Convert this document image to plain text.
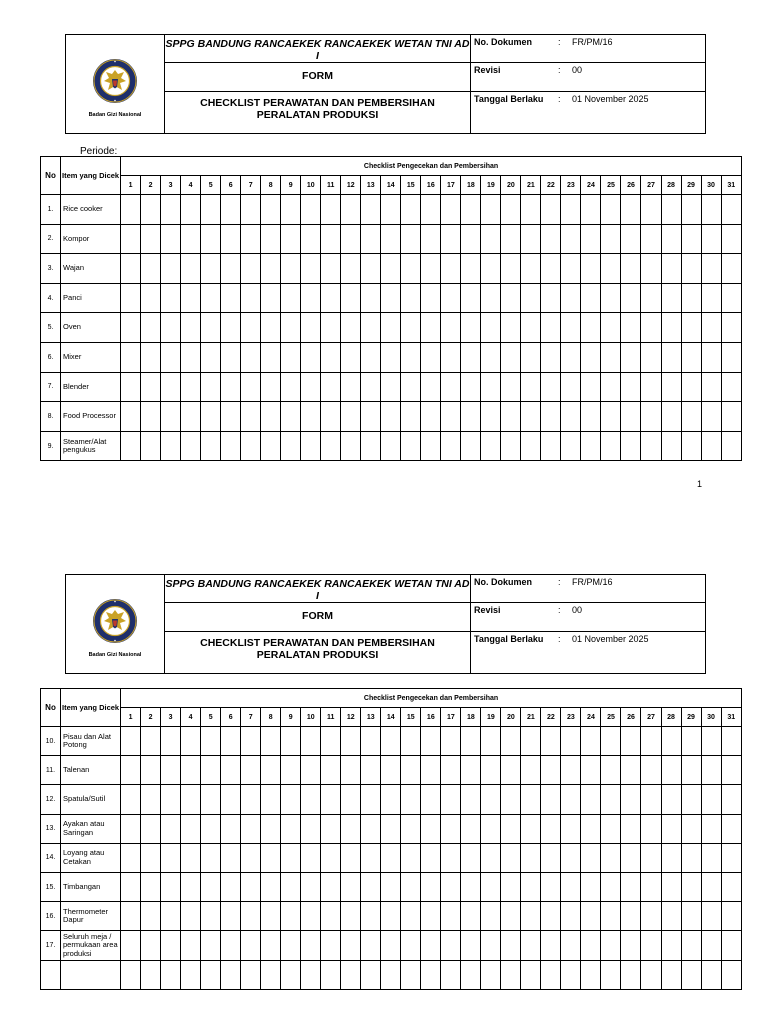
Badan Gizi Nasional	SPPG BANDUNG RANCAEKEK RANCAEKEK WETAN TNI AD I	No. Dokumen : FR/PM/16

	FORM	Revisi : 00

	CHECKLIST PERAWATAN DAN PEMBERSIHAN PERALATAN PRODUKSI	Tanggal Berlaku : 01 November 2025
Periode:
No	Item yang Dicek	Checklist Pengecekan dan Pembersihan																														
		1	2	3	4	5	6	7	8	9	10	11	12	13	14	15	16	17	18	19	20	21	22	23	24	25	26	27	28	29	30	31
1.	Rice cooker																															
2.	Kompor																															
3.	Wajan																															
4.	Panci																															
5.	Oven																															
6.	Mixer																															
7.	Blender																															
8.	Food Processor																															
9.	Steamer/Alat pengukus																															
1
Badan Gizi Nasional	SPPG BANDUNG RANCAEKEK RANCAEKEK WETAN TNI AD I	No. Dokumen : FR/PM/16

	FORM	Revisi : 00

	CHECKLIST PERAWATAN DAN PEMBERSIHAN PERALATAN PRODUKSI	Tanggal Berlaku : 01 November 2025
No	Item yang Dicek	Checklist Pengecekan dan Pembersihan																														
		1	2	3	4	5	6	7	8	9	10	11	12	13	14	15	16	17	18	19	20	21	22	23	24	25	26	27	28	29	30	31
10.	Pisau dan Alat Potong																															
11.	Talenan																															
12.	Spatula/Sutil																															
13.	Ayakan atau Saringan																															
14.	Loyang atau Cetakan																															
15.	Timbangan																															
16.	Thermometer Dapur																															
17.	Seluruh meja / permukaan area produksi																															
